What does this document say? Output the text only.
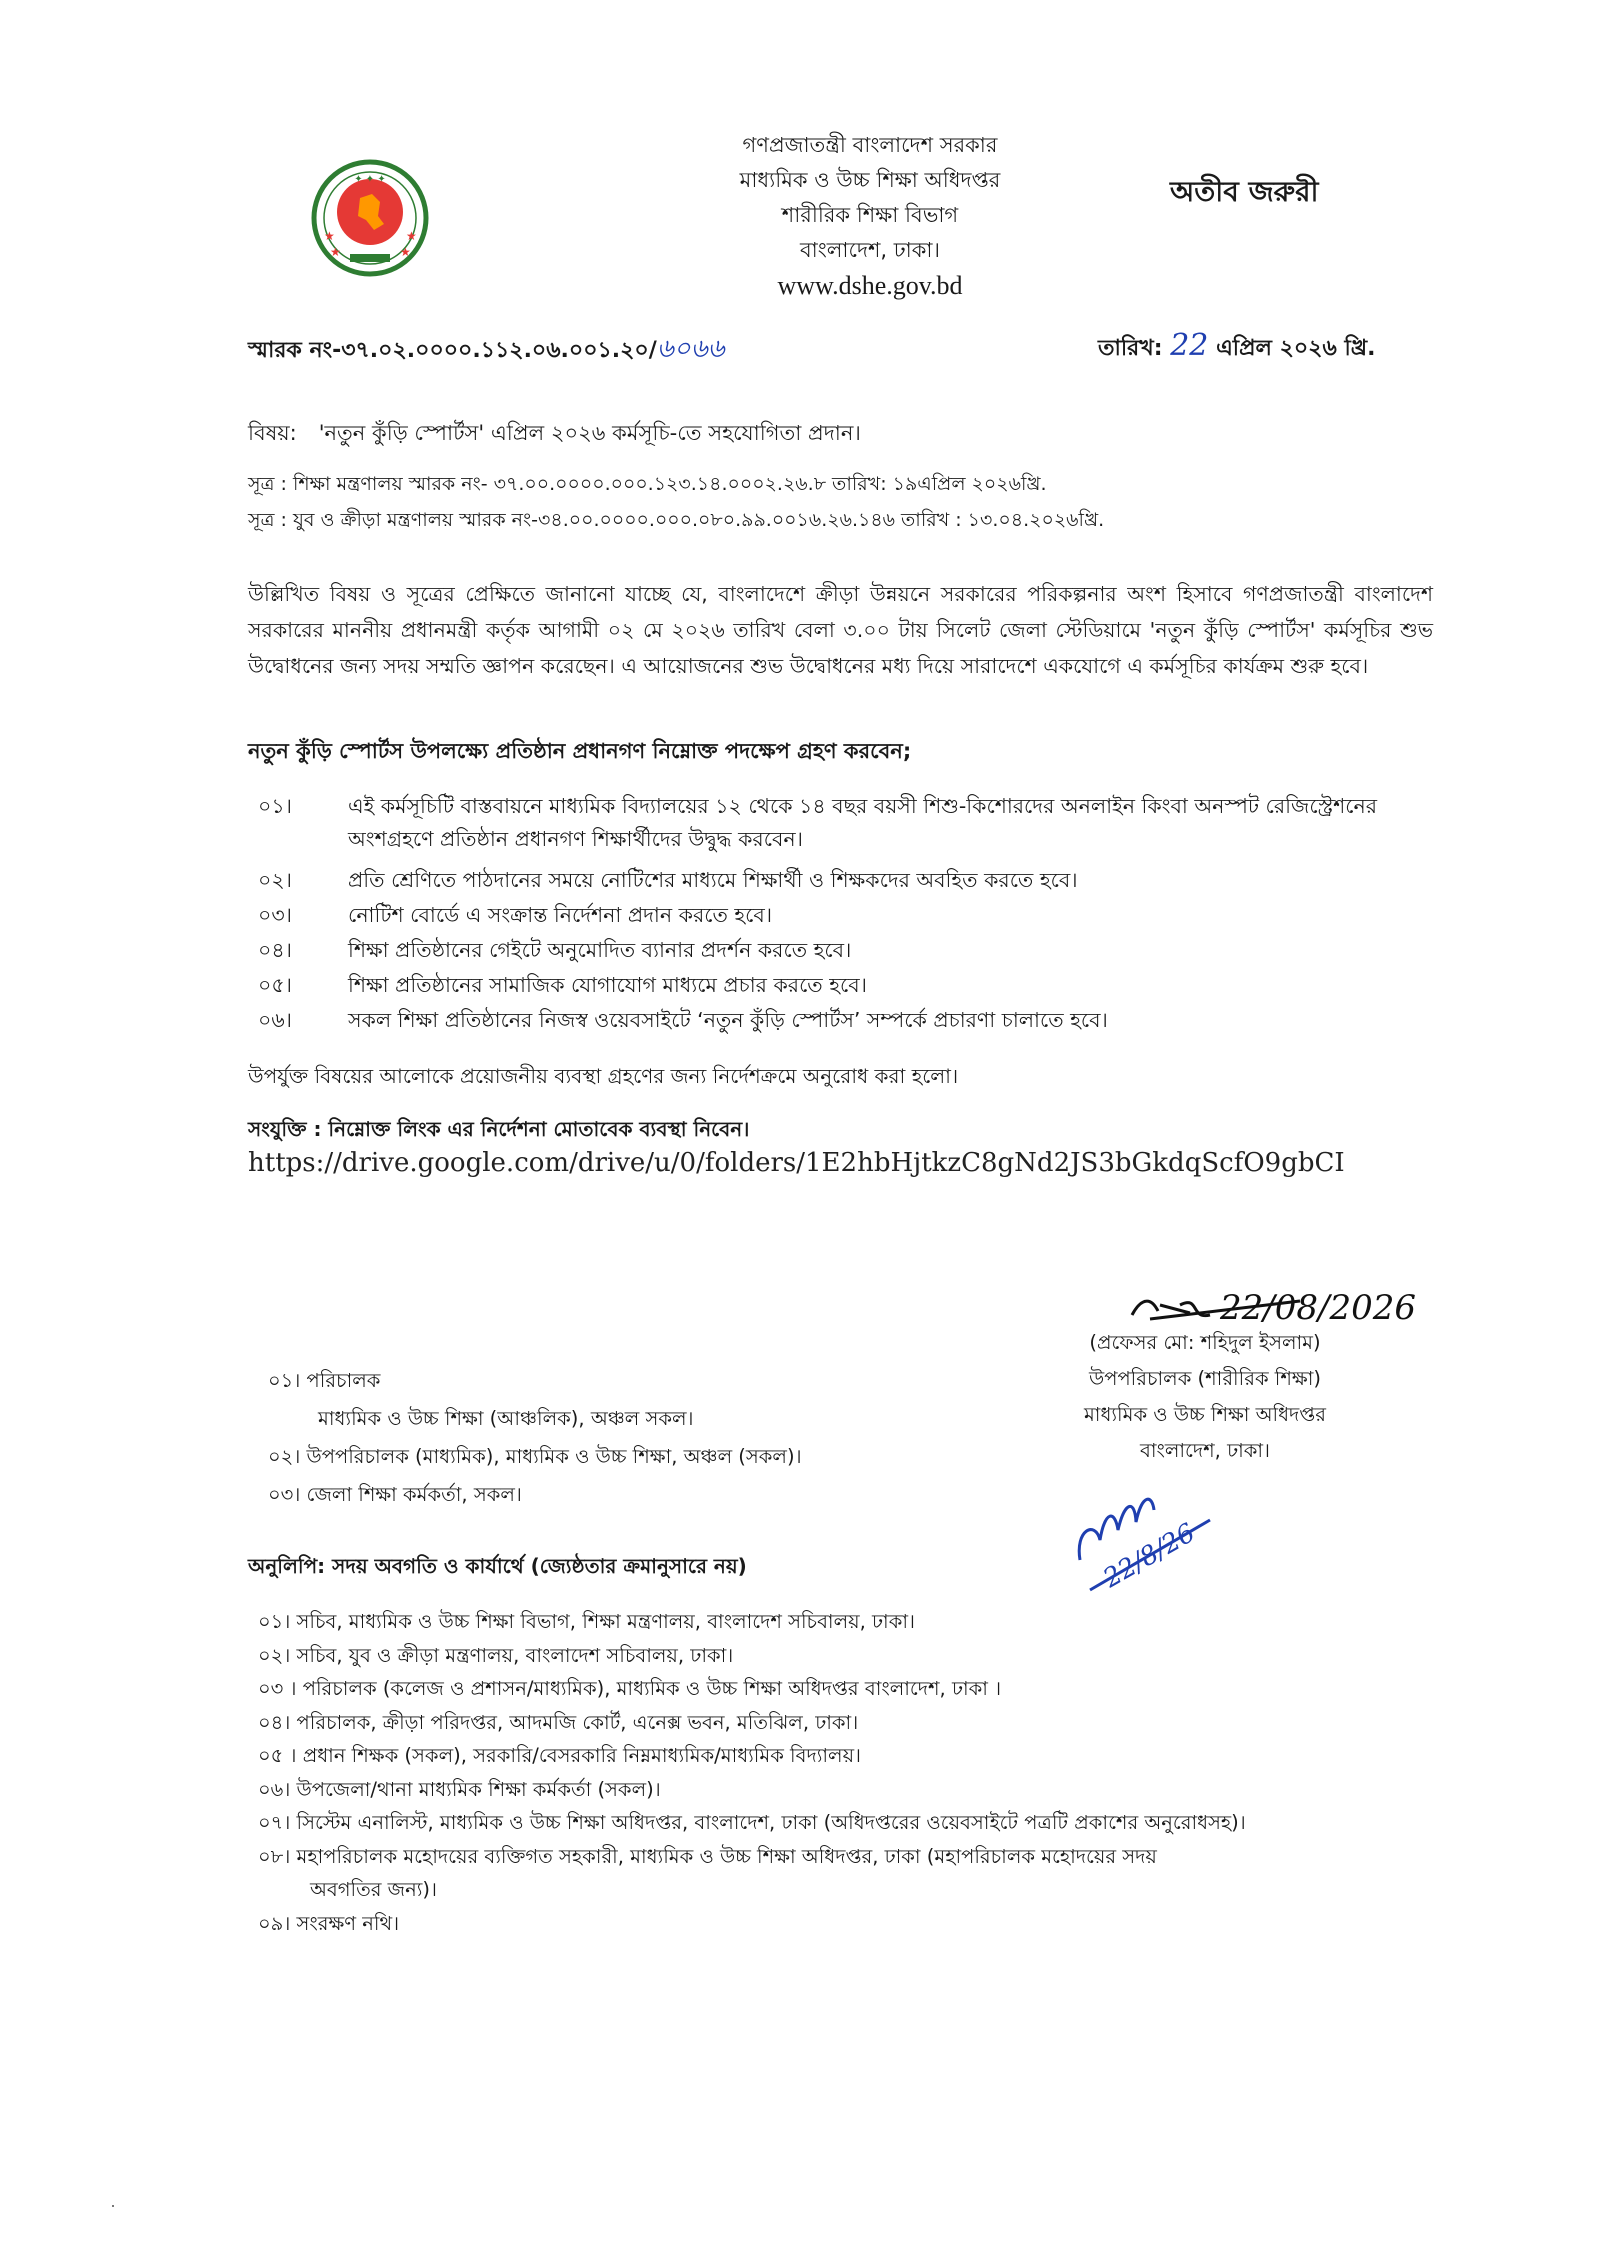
✦ ✦ ✦
★	★
★	★
গণপ্রজাতন্ত্রী বাংলাদেশ সরকার
মাধ্যমিক ও উচ্চ শিক্ষা অধিদপ্তর
শারীরিক শিক্ষা বিভাগ
বাংলাদেশ, ঢাকা।
www.dshe.gov.bd
অতীব জরুরী
স্মারক নং-৩৭.০২.০০০০.১১২.০৬.০০১.২০/৬০৬৬	তারিখ: 22 এপ্রিল ২০২৬ খ্রি.
বিষয়: 'নতুন কুঁড়ি স্পোর্টস' এপ্রিল ২০২৬ কর্মসূচি-তে সহযোগিতা প্রদান।
সূত্র : শিক্ষা মন্ত্রণালয় স্মারক নং- ৩৭.০০.০০০০.০০০.১২৩.১৪.০০০২.২৬.৮ তারিখ: ১৯এপ্রিল ২০২৬খ্রি.
সূত্র : যুব ও ক্রীড়া মন্ত্রণালয় স্মারক নং-৩৪.০০.০০০০.০০০.০৮০.৯৯.০০১৬.২৬.১৪৬ তারিখ : ১৩.০৪.২০২৬খ্রি.
উল্লিখিত বিষয় ও সূত্রের প্রেক্ষিতে জানানো যাচ্ছে যে, বাংলাদেশে ক্রীড়া উন্নয়নে সরকারের পরিকল্পনার অংশ হিসাবে গণপ্রজাতন্ত্রী বাংলাদেশ সরকারের মাননীয় প্রধানমন্ত্রী কর্তৃক আগামী ০২ মে ২০২৬ তারিখ বেলা ৩.০০ টায় সিলেট জেলা স্টেডিয়ামে 'নতুন কুঁড়ি স্পোর্টস' কর্মসূচির শুভ উদ্বোধনের জন্য সদয় সম্মতি জ্ঞাপন করেছেন। এ আয়োজনের শুভ উদ্বোধনের মধ্য দিয়ে সারাদেশে একযোগে এ কর্মসূচির কার্যক্রম শুরু হবে।
নতুন কুঁড়ি স্পোর্টস উপলক্ষ্যে প্রতিষ্ঠান প্রধানগণ নিম্নোক্ত পদক্ষেপ গ্রহণ করবেন;
০১।	এই কর্মসূচিটি বাস্তবায়নে মাধ্যমিক বিদ্যালয়ের ১২ থেকে ১৪ বছর বয়সী শিশু-কিশোরদের অনলাইন কিংবা অনস্পট রেজিস্ট্রেশনের অংশগ্রহণে প্রতিষ্ঠান প্রধানগণ শিক্ষার্থীদের উদ্বুদ্ধ করবেন।
০২।	প্রতি শ্রেণিতে পাঠদানের সময়ে নোটিশের মাধ্যমে শিক্ষার্থী ও শিক্ষকদের অবহিত করতে হবে।
০৩।	নোটিশ বোর্ডে এ সংক্রান্ত নির্দেশনা প্রদান করতে হবে।
০৪।	শিক্ষা প্রতিষ্ঠানের গেইটে অনুমোদিত ব্যানার প্রদর্শন করতে হবে।
০৫।	শিক্ষা প্রতিষ্ঠানের সামাজিক যোগাযোগ মাধ্যমে প্রচার করতে হবে।
০৬।	সকল শিক্ষা প্রতিষ্ঠানের নিজস্ব ওয়েবসাইটে ‘নতুন কুঁড়ি স্পোর্টস’ সম্পর্কে প্রচারণা চালাতে হবে।
উপর্যুক্ত বিষয়ের আলোকে প্রয়োজনীয় ব্যবস্থা গ্রহণের জন্য নির্দেশক্রমে অনুরোধ করা হলো।
সংযুক্তি : নিম্নোক্ত লিংক এর নির্দেশনা মোতাবেক ব্যবস্থা নিবেন।
https://drive.google.com/drive/u/0/folders/1E2hbHjtkzC8gNd2JS3bGkdqScfO9gbCI
22/08/2026
(প্রফেসর মো: শহিদুল ইসলাম)
উপপরিচালক (শারীরিক শিক্ষা)
মাধ্যমিক ও উচ্চ শিক্ষা অধিদপ্তর
বাংলাদেশ, ঢাকা।
22/8/26
০১। পরিচালক
মাধ্যমিক ও উচ্চ শিক্ষা (আঞ্চলিক), অঞ্চল সকল।
০২। উপপরিচালক (মাধ্যমিক), মাধ্যমিক ও উচ্চ শিক্ষা, অঞ্চল (সকল)।
০৩। জেলা শিক্ষা কর্মকর্তা, সকল।
অনুলিপি: সদয় অবগতি ও কার্যার্থে (জ্যেষ্ঠতার ক্রমানুসারে নয়)
০১। সচিব, মাধ্যমিক ও উচ্চ শিক্ষা বিভাগ, শিক্ষা মন্ত্রণালয়, বাংলাদেশ সচিবালয়, ঢাকা।
০২। সচিব, যুব ও ক্রীড়া মন্ত্রণালয়, বাংলাদেশ সচিবালয়, ঢাকা।
০৩ । পরিচালক (কলেজ ও প্রশাসন/মাধ্যমিক), মাধ্যমিক ও উচ্চ শিক্ষা অধিদপ্তর বাংলাদেশ, ঢাকা ।
০৪। পরিচালক, ক্রীড়া পরিদপ্তর, আদমজি কোর্ট, এনেক্স ভবন, মতিঝিল, ঢাকা।
০৫ । প্রধান শিক্ষক (সকল), সরকারি/বেসরকারি নিম্নমাধ্যমিক/মাধ্যমিক বিদ্যালয়।
০৬। উপজেলা/থানা মাধ্যমিক শিক্ষা কর্মকর্তা (সকল)।
০৭। সিস্টেম এনালিস্ট, মাধ্যমিক ও উচ্চ শিক্ষা অধিদপ্তর, বাংলাদেশ, ঢাকা (অধিদপ্তরের ওয়েবসাইটে পত্রটি প্রকাশের অনুরোধসহ)।
০৮। মহাপরিচালক মহোদয়ের ব্যক্তিগত সহকারী, মাধ্যমিক ও উচ্চ শিক্ষা অধিদপ্তর, ঢাকা (মহাপরিচালক মহোদয়ের সদয়
অবগতির জন্য)।
০৯। সংরক্ষণ নথি।
